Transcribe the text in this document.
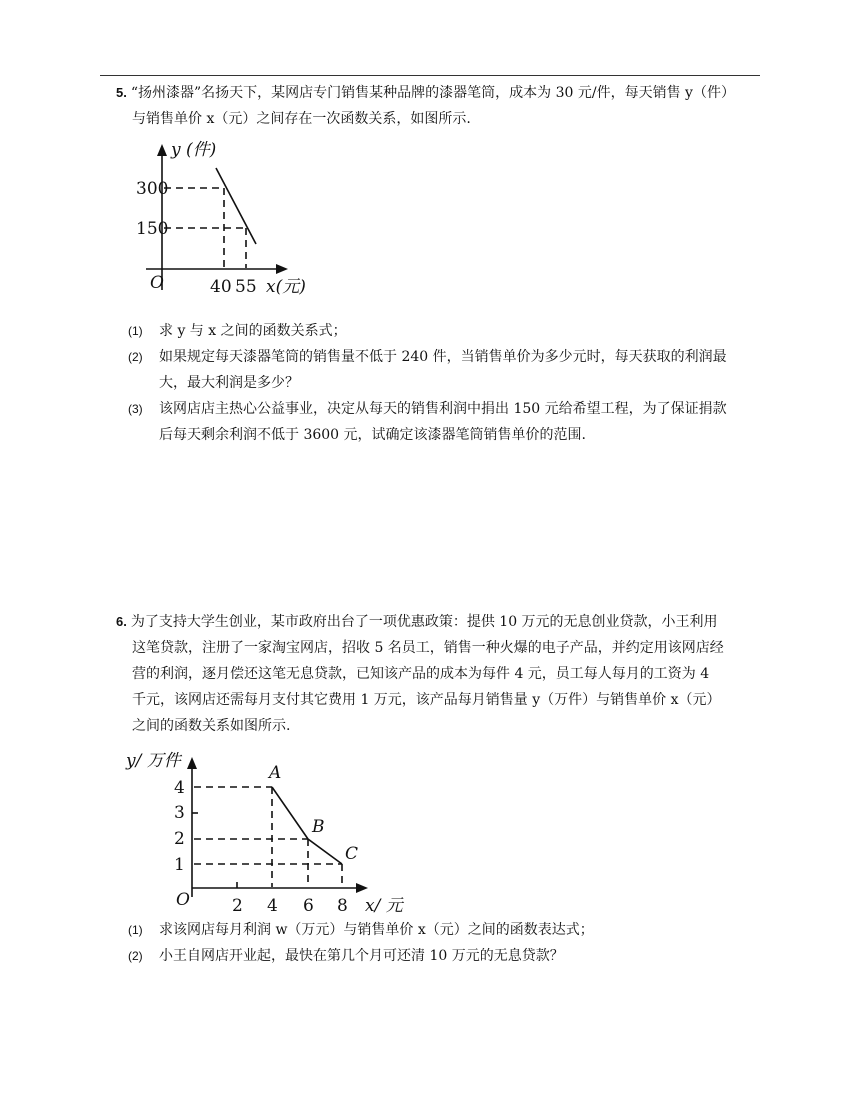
5. “扬州漆器”名扬天下，某网店专门销售某种品牌的漆器笔筒，成本为 30 元/件，每天销售 y（件）
与销售单价 x（元）之间存在一次函数关系，如图所示.

y (件)
O
300
150
40 55 x(元)

(1) 求 y 与 x 之间的函数关系式；

(2) 如果规定每天漆器笔筒的销售量不低于 240 件，当销售单价为多少元时，每天获取的利润最
大，最大利润是多少？

(3) 该网店店主热心公益事业，决定从每天的销售利润中捐出 150 元给希望工程，为了保证捐款
后每天剩余利润不低于 3600 元，试确定该漆器笔筒销售单价的范围.

6. 为了支持大学生创业，某市政府出台了一项优惠政策：提供 10 万元的无息创业贷款，小王利用
这笔贷款，注册了一家淘宝网店，招收 5 名员工，销售一种火爆的电子产品，并约定用该网店经
营的利润，逐月偿还这笔无息贷款，已知该产品的成本为每件 4 元，员工每人每月的工资为 4
千元，该网店还需每月支付其它费用 1 万元，该产品每月销售量 y（万件）与销售单价 x（元）
之间的函数关系如图所示.

y/ 万件
O
4
3
2
1
A
B
C
2 4 6 8 x/ 元

(1) 求该网店每月利润 w（万元）与销售单价 x（元）之间的函数表达式；

(2) 小王自网店开业起，最快在第几个月可还清 10 万元的无息贷款？
